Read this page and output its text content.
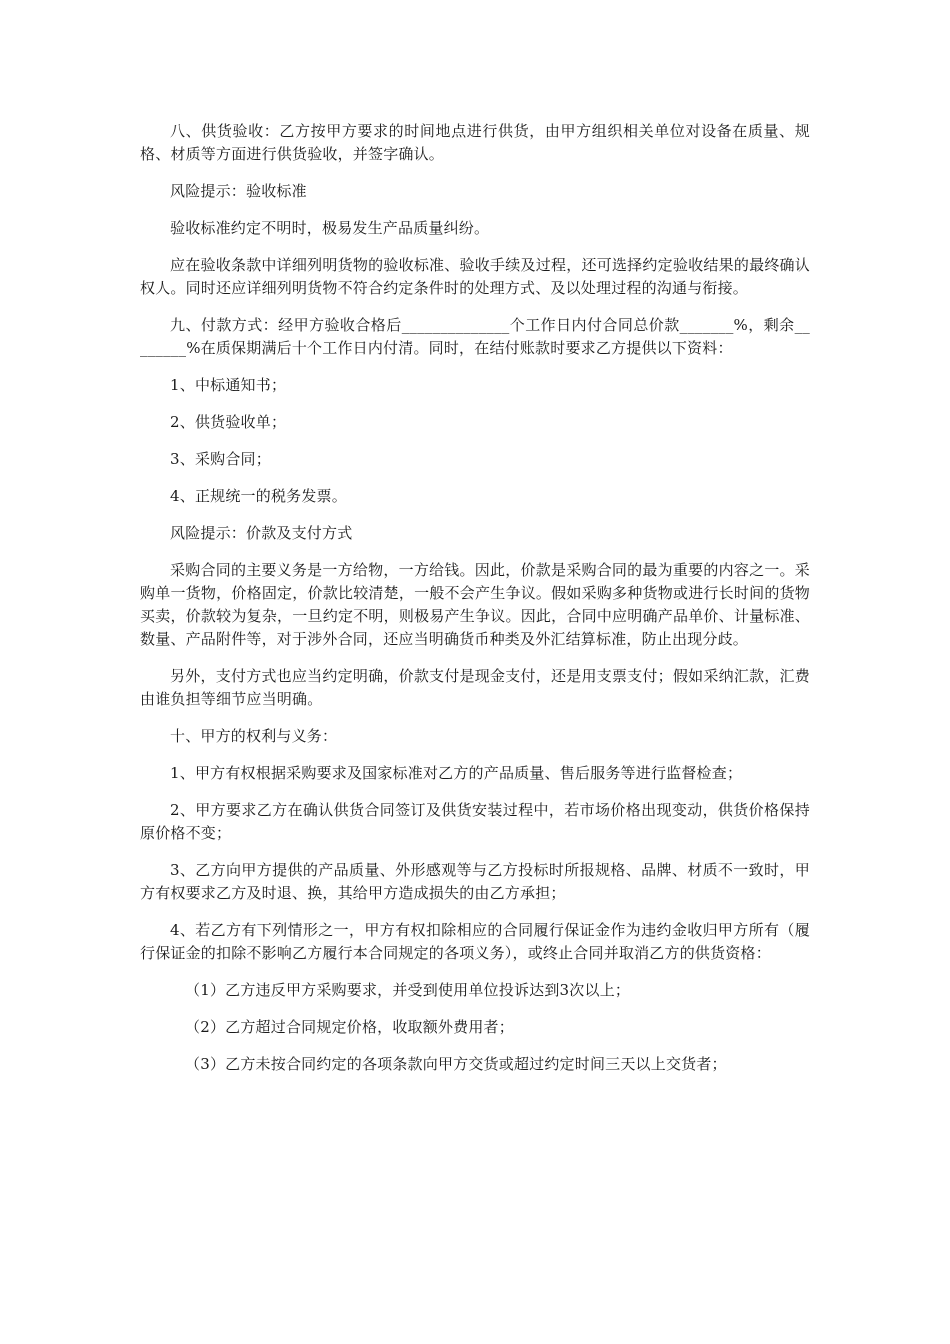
八、供货验收：乙方按甲方要求的时间地点进行供货，由甲方组织相关单位对设备在质量、规格、材质等方面进行供货验收，并签字确认。

风险提示：验收标准

验收标准约定不明时，极易发生产品质量纠纷。

应在验收条款中详细列明货物的验收标准、验收手续及过程，还可选择约定验收结果的最终确认权人。同时还应详细列明货物不符合约定条件时的处理方式、及以处理过程的沟通与衔接。

九、付款方式：经甲方验收合格后______________个工作日内付合同总价款_______%，剩余__ ______%在质保期满后十个工作日内付清。同时，在结付账款时要求乙方提供以下资料：

1、中标通知书；

2、供货验收单；

3、采购合同；

4、正规统一的税务发票。

风险提示：价款及支付方式

采购合同的主要义务是一方给物，一方给钱。因此，价款是采购合同的最为重要的内容之一。采购单一货物，价格固定，价款比较清楚，一般不会产生争议。假如采购多种货物或进行长时间的货物买卖，价款较为复杂，一旦约定不明，则极易产生争议。因此，合同中应明确产品单价、计量标准、数量、产品附件等，对于涉外合同，还应当明确货币种类及外汇结算标准，防止出现分歧。

另外，支付方式也应当约定明确，价款支付是现金支付，还是用支票支付；假如采纳汇款，汇费由谁负担等细节应当明确。

十、甲方的权利与义务：

1、甲方有权根据采购要求及国家标准对乙方的产品质量、售后服务等进行监督检查；

2、甲方要求乙方在确认供货合同签订及供货安装过程中，若市场价格出现变动，供货价格保持原价格不变；

3、乙方向甲方提供的产品质量、外形感观等与乙方投标时所报规格、品牌、材质不一致时，甲方有权要求乙方及时退、换，其给甲方造成损失的由乙方承担；

4、若乙方有下列情形之一，甲方有权扣除相应的合同履行保证金作为违约金收归甲方所有（履行保证金的扣除不影响乙方履行本合同规定的各项义务），或终止合同并取消乙方的供货资格：

（1）乙方违反甲方采购要求，并受到使用单位投诉达到3次以上；

（2）乙方超过合同规定价格，收取额外费用者；

（3）乙方未按合同约定的各项条款向甲方交货或超过约定时间三天以上交货者；
